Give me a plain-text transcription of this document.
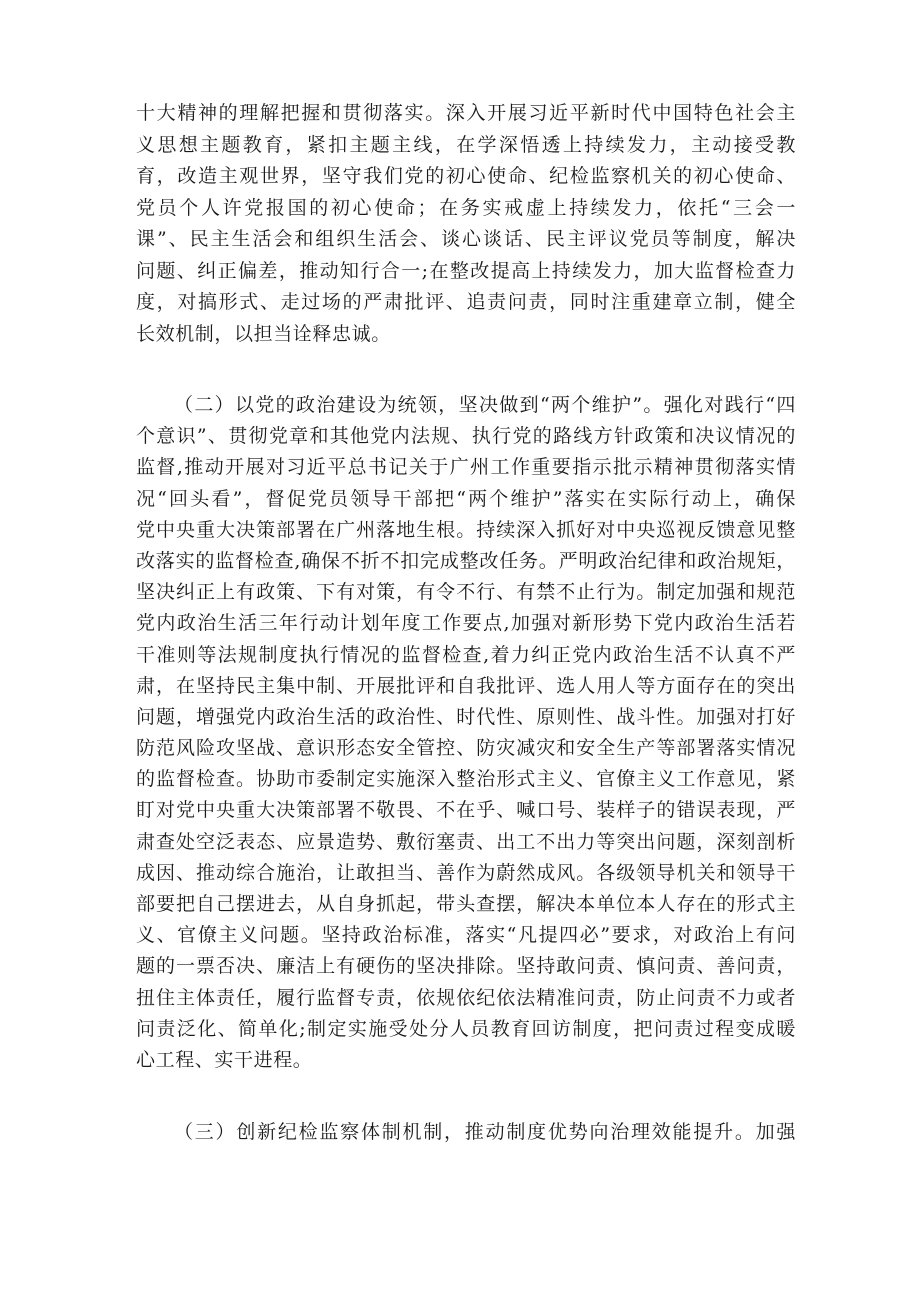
十大精神的理解把握和贯彻落实。深入开展习近平新时代中国特色社会主
义思想主题教育，紧扣主题主线，在学深悟透上持续发力，主动接受教
育，改造主观世界，坚守我们党的初心使命、纪检监察机关的初心使命、
党员个人许党报国的初心使命；在务实戒虚上持续发力，依托“三会一
课”、民主生活会和组织生活会、谈心谈话、民主评议党员等制度，解决
问题、纠正偏差，推动知行合一;在整改提高上持续发力，加大监督检查力
度，对搞形式、走过场的严肃批评、追责问责，同时注重建章立制，健全
长效机制，以担当诠释忠诚。
（二）以党的政治建设为统领，坚决做到“两个维护”。强化对践行“四
个意识”、贯彻党章和其他党内法规、执行党的路线方针政策和决议情况的
监督,推动开展对习近平总书记关于广州工作重要指示批示精神贯彻落实情
况“回头看”，督促党员领导干部把“两个维护”落实在实际行动上，确保
党中央重大决策部署在广州落地生根。持续深入抓好对中央巡视反馈意见整
改落实的监督检查,确保不折不扣完成整改任务。严明政治纪律和政治规矩，
坚决纠正上有政策、下有对策，有令不行、有禁不止行为。制定加强和规范
党内政治生活三年行动计划年度工作要点,加强对新形势下党内政治生活若
干准则等法规制度执行情况的监督检查,着力纠正党内政治生活不认真不严
肃，在坚持民主集中制、开展批评和自我批评、选人用人等方面存在的突出
问题，增强党内政治生活的政治性、时代性、原则性、战斗性。加强对打好
防范风险攻坚战、意识形态安全管控、防灾减灾和安全生产等部署落实情况
的监督检查。协助市委制定实施深入整治形式主义、官僚主义工作意见，紧
盯对党中央重大决策部署不敬畏、不在乎、喊口号、装样子的错误表现，严
肃查处空泛表态、应景造势、敷衍塞责、出工不出力等突出问题，深刻剖析
成因、推动综合施治，让敢担当、善作为蔚然成风。各级领导机关和领导干
部要把自己摆进去，从自身抓起，带头查摆，解决本单位本人存在的形式主
义、官僚主义问题。坚持政治标准，落实“凡提四必”要求，对政治上有问
题的一票否决、廉洁上有硬伤的坚决排除。坚持敢问责、慎问责、善问责，
扭住主体责任，履行监督专责，依规依纪依法精准问责，防止问责不力或者
问责泛化、简单化;制定实施受处分人员教育回访制度，把问责过程变成暖
心工程、实干进程。
（三）创新纪检监察体制机制，推动制度优势向治理效能提升。加强
